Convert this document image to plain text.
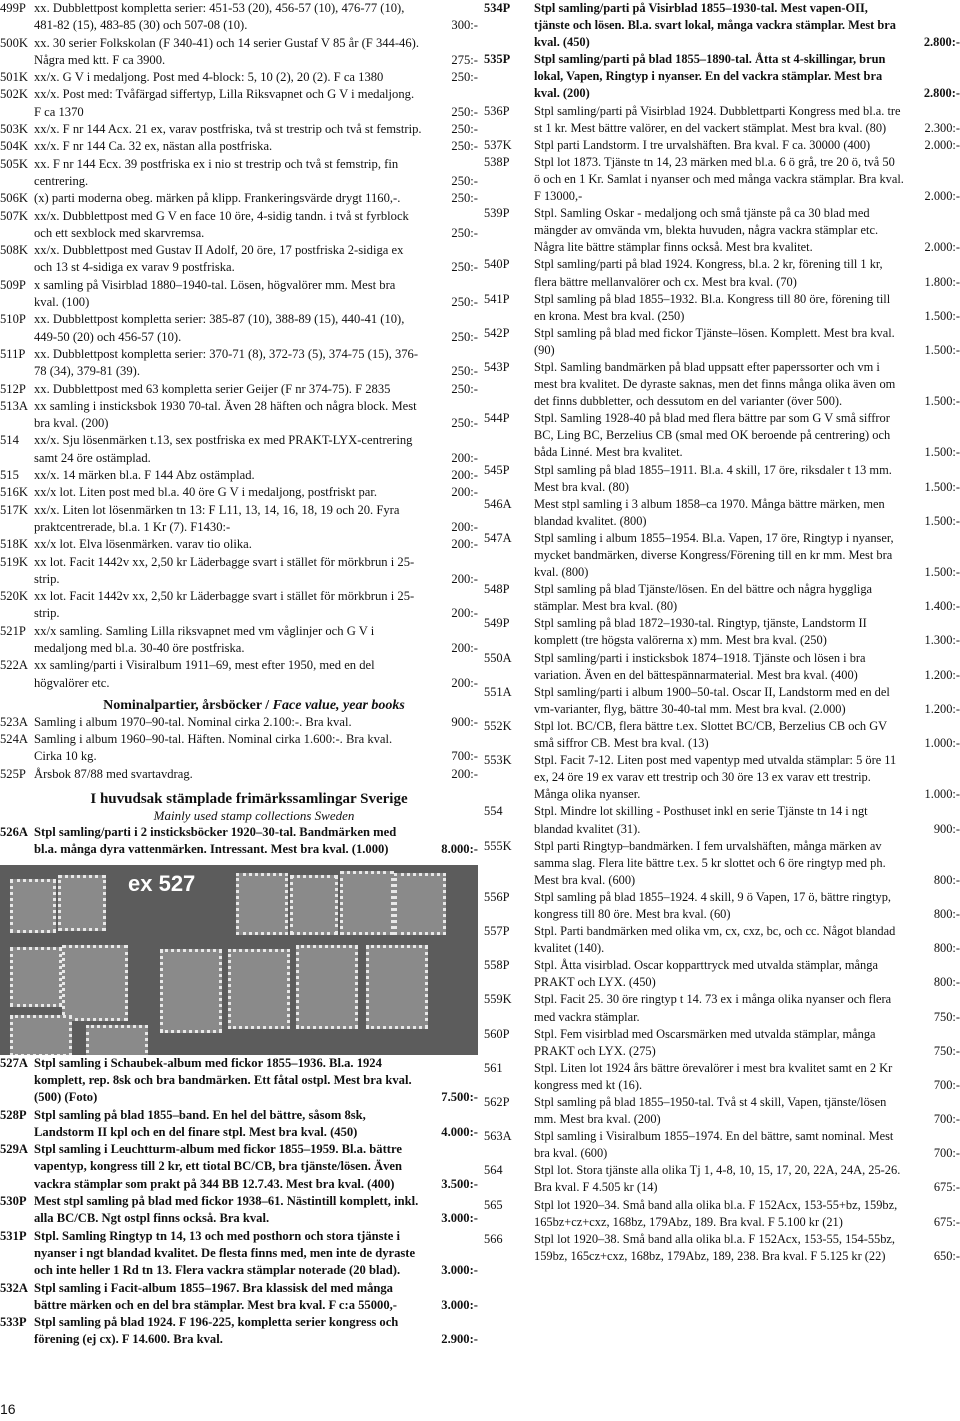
499P xx. Dubblettpost kompletta serier: 451-53 (20), 456-57 (10), 476-77 (10), 481-82 (15), 483-85 (30) och 507-08 (10).	300:-
500K xx. 30 serier Folkskolan (F 340-41) och 14 serier Gustaf V 85 år (F 344-46). Några med ktt. F ca 3900.	275:-
501K xx/x. G V i medaljong. Post med 4-block: 5, 10 (2), 20 (2). F ca 1380	250:-
502K xx/x. Post med: Tvåfärgad siffertyp, Lilla Riksvapnet och G V i medaljong. F ca 1370	250:-
503K xx/x. F nr 144 Acx. 21 ex, varav postfriska, två st trestrip och två st femstrip.	250:-
504K xx/x. F nr 144 Ca. 32 ex, nästan alla postfriska.	250:-
505K xx. F nr 144 Ecx. 39 postfriska ex i nio st trestrip och två st femstrip, fin centrering.	250:-
506K (x) parti moderna obeg. märken på klipp. Frankeringsvärde drygt 1160,-.	250:-
507K xx/x. Dubblettpost med G V en face 10 öre, 4-sidig tandn. i två st fyrblock och ett sexblock med skarvremsa.	250:-
508K xx/x. Dubblettpost med Gustav II Adolf, 20 öre, 17 postfriska 2-sidiga ex och 13 st 4-sidiga ex varav 9 postfriska.	250:-
509P x samling på Visirblad 1880–1940-tal. Lösen, högvalörer mm. Mest bra kval. (100)	250:-
510P xx. Dubblettpost kompletta serier: 385-87 (10), 388-89 (15), 440-41 (10), 449-50 (20) och 456-57 (10).	250:-
511P xx. Dubblettpost kompletta serier: 370-71 (8), 372-73 (5), 374-75 (15), 376-78 (34), 379-81 (39).	250:-
512P xx. Dubblettpost med 63 kompletta serier Geijer (F nr 374-75). F 2835	250:-
513A xx samling i insticksbok 1930 70-tal. Även 28 häften och några block. Mest bra kval. (200)	250:-
514	xx/x. Sju lösenmärken t.13, sex postfriska ex med PRAKT-LYX-centrering samt 24 öre ostämplad.	200:-
515	xx/x. 14 märken bl.a. F 144 Abz ostämplad.	200:-
516K xx/x lot. Liten post med bl.a. 40 öre G V i medaljong, postfriskt par.	200:-
517K xx/x. Liten lot lösenmärken tn 13: F L11, 13, 14, 16, 18, 19 och 20. Fyra praktcentrerade, bl.a. 1 Kr (7). F1430:-	200:-
518K xx/x lot. Elva lösenmärken. varav tio olika.	200:-
519K xx lot. Facit 1442v xx, 2,50 kr Läderbagge svart i stället för mörkbrun i 25-strip.	200:-
520K xx lot. Facit 1442v xx, 2,50 kr Läderbagge svart i stället för mörkbrun i 25-strip.	200:-
521P xx/x samling. Samling Lilla riksvapnet med vm våglinjer och G V i medaljong med bl.a. 30-40 öre postfriska.	200:-
522A xx samling/parti i Visiralbum 1911–69, mest efter 1950, med en del högvalörer etc.	200:-
Nominalpartier, årsböcker / Face value, year books
523A Samling i album 1970–90-tal. Nominal cirka 2.100:-. Bra kval.	900:-
524A Samling i album 1960–90-tal. Häften. Nominal cirka 1.600:-. Bra kval. Cirka 10 kg.	700:-
525P Årsbok 87/88 med svartavdrag.	200:-
I huvudsak stämplade frimärkssamlingar Sverige
Mainly used stamp collections Sweden
526A Stpl samling/parti i 2 insticksböcker 1920–30-tal. Bandmärken med bl.a. många dyra vattenmärken. Intressant. Mest bra kval. (1.000)	8.000:-
ex 527
527A Stpl samling i Schaubek-album med fickor 1855–1936. Bl.a. 1924 komplett, rep. 8sk och bra bandmärken. Ett fåtal ostpl. Mest bra kval. (500) (Foto)	7.500:-
528P Stpl samling på blad 1855–band. En hel del bättre, såsom 8sk, Landstorm II kpl och en del finare stpl. Mest bra kval. (450)	4.000:-
529A Stpl samling i Leuchtturm-album med fickor 1855–1959. Bl.a. bättre vapentyp, kongress till 2 kr, ett tiotal BC/CB, bra tjänste/lösen. Även vackra stämplar som prakt på 344 BB 12.7.43. Mest bra kval. (400)	3.500:-
530P Mest stpl samling på blad med fickor 1938–61. Nästintill komplett, inkl. alla BC/CB. Ngt ostpl finns också. Bra kval.	3.000:-
531P Stpl. Samling Ringtyp tn 14, 13 och med posthorn och stora tjänste i nyanser i ngt blandad kvalitet. De flesta finns med, men inte de dyraste och inte heller 1 Rd tn 13. Flera vackra stämplar noterade (20 blad).	3.000:-
532A Stpl samling i Facit-album 1855–1967. Bra klassisk del med många bättre märken och en del bra stämplar. Mest bra kval. F c:a 55000,-	3.000:-
533P Stpl samling på blad 1924. F 196-225, kompletta serier kongress och förening (ej cx). F 14.600. Bra kval.	2.900:-
534P	Stpl samling/parti på Visirblad 1855–1930-tal. Mest vapen-OII, tjänste och lösen. Bl.a. svart lokal, många vackra stämplar. Mest bra kval. (450)	2.800:-
535P	Stpl samling/parti på blad 1855–1890-tal. Åtta st 4-skillingar, brun lokal, Vapen, Ringtyp i nyanser. En del vackra stämplar. Mest bra kval. (200)	2.800:-
536P	Stpl samling/parti på Visirblad 1924. Dubblettparti Kongress med bl.a. tre st 1 kr. Mest bättre valörer, en del vackert stämplat. Mest bra kval. (80)	2.300:-
537K	Stpl parti Landstorm. I tre urvalshäften. Bra kval. F ca. 30000 (400)	2.000:-
538P	Stpl lot 1873. Tjänste tn 14, 23 märken med bl.a. 6 ö grå, tre 20 ö, två 50 ö och en 1 Kr. Samlat i nyanser och med många vackra stämplar. Bra kval. F 13000,-	2.000:-
539P	Stpl. Samling Oskar - medaljong och små tjänste på ca 30 blad med mängder av omvända vm, blekta huvuden, några vackra stämplar etc. Några lite bättre stämplar finns också. Mest bra kvalitet.	2.000:-
540P	Stpl samling/parti på blad 1924. Kongress, bl.a. 2 kr, förening till 1 kr, flera bättre mellanvalörer och cx. Mest bra kval. (70)	1.800:-
541P	Stpl samling på blad 1855–1932. Bl.a. Kongress till 80 öre, förening till en krona. Mest bra kval. (250)	1.500:-
542P	Stpl samling på blad med fickor Tjänste–lösen. Komplett. Mest bra kval. (90)	1.500:-
543P	Stpl. Samling bandmärken på blad uppsatt efter paperssorter och vm i mest bra kvalitet. De dyraste saknas, men det finns många olika även om det finns dubbletter, och dessutom en del varianter (över 500).	1.500:-
544P	Stpl. Samling 1928-40 på blad med flera bättre par som G V små siffror BC, Ling BC, Berzelius CB (smal med OK beroende på centrering) och båda Linné. Mest bra kvalitet.	1.500:-
545P	Stpl samling på blad 1855–1911. Bl.a. 4 skill, 17 öre, riksdaler t 13 mm. Mest bra kval. (80)	1.500:-
546A	Mest stpl samling i 3 album 1858–ca 1970. Många bättre märken, men blandad kvalitet. (800)	1.500:-
547A	Stpl samling i album 1855–1954. Bl.a. Vapen, 17 öre, Ringtyp i nyanser, mycket bandmärken, diverse Kongress/Förening till en kr mm. Mest bra kval. (800)	1.500:-
548P	Stpl samling på blad Tjänste/lösen. En del bättre och några hyggliga stämplar. Mest bra kval. (80)	1.400:-
549P	Stpl samling på blad 1872–1930-tal. Ringtyp, tjänste, Landstorm II komplett (tre högsta valörerna x) mm. Mest bra kval. (250)	1.300:-
550A	Stpl samling/parti i insticksbok 1874–1918. Tjänste och lösen i bra variation. Även en del bättespännarmaterial. Mest bra kval. (400)	1.200:-
551A	Stpl samling/parti i album 1900–50-tal. Oscar II, Landstorm med en del vm-varianter, flyg, bättre 30-40-tal mm. Mest bra kval. (2.000)	1.200:-
552K	Stpl lot. BC/CB, flera bättre t.ex. Slottet BC/CB, Berzelius CB och GV små siffror CB. Mest bra kval. (13)	1.000:-
553K	Stpl. Facit 7-12. Liten post med vapentyp med utvalda stämplar: 5 öre 11 ex, 24 öre 19 ex varav ett trestrip och 30 öre 13 ex varav ett trestrip. Många olika nyanser.	1.000:-
554	Stpl. Mindre lot skilling - Posthuset inkl en serie Tjänste tn 14 i ngt blandad kvalitet (31).	900:-
555K	Stpl parti Ringtyp–bandmärken. I fem urvalshäften, många märken av samma slag. Flera lite bättre t.ex. 5 kr slottet och 6 öre ringtyp med ph. Mest bra kval. (600)	800:-
556P	Stpl samling på blad 1855–1924. 4 skill, 9 ö Vapen, 17 ö, bättre ringtyp, kongress till 80 öre. Mest bra kval. (60)	800:-
557P	Stpl. Parti bandmärken med olika vm, cx, cxz, bc, och cc. Något blandad kvalitet (140).	800:-
558P	Stpl. Åtta visirblad. Oscar kopparttryck med utvalda stämplar, många PRAKT och LYX. (450)	800:-
559K	Stpl. Facit 25. 30 öre ringtyp t 14. 73 ex i många olika nyanser och flera med vackra stämplar.	750:-
560P	Stpl. Fem visirblad med Oscarsmärken med utvalda stämplar, många PRAKT och LYX. (275)	750:-
561	Stpl. Liten lot 1924 års bättre örevalörer i mest bra kvalitet samt en 2 Kr kongress med kt (16).	700:-
562P	Stpl samling på blad 1855–1950-tal. Två st 4 skill, Vapen, tjänste/lösen mm. Mest bra kval. (200)	700:-
563A	Stpl samling i Visiralbum 1855–1974. En del bättre, samt nominal. Mest bra kval. (600)	700:-
564	Stpl lot. Stora tjänste alla olika Tj 1, 4-8, 10, 15, 17, 20, 22A, 24A, 25-26. Bra kval. F 4.505 kr (14)	675:-
565	Stpl lot 1920–34. Små band alla olika bl.a. F 152Acx, 153-55+bz, 159bz, 165bz+cz+cxz, 168bz, 179Abz, 189. Bra kval. F 5.100 kr (21)	675:-
566	Stpl lot 1920–38. Små band alla olika bl.a. F 152Acx, 153-55, 154-55bz, 159bz, 165cz+cxz, 168bz, 179Abz, 189, 238. Bra kval. F 5.125 kr (22)	650:-
16
